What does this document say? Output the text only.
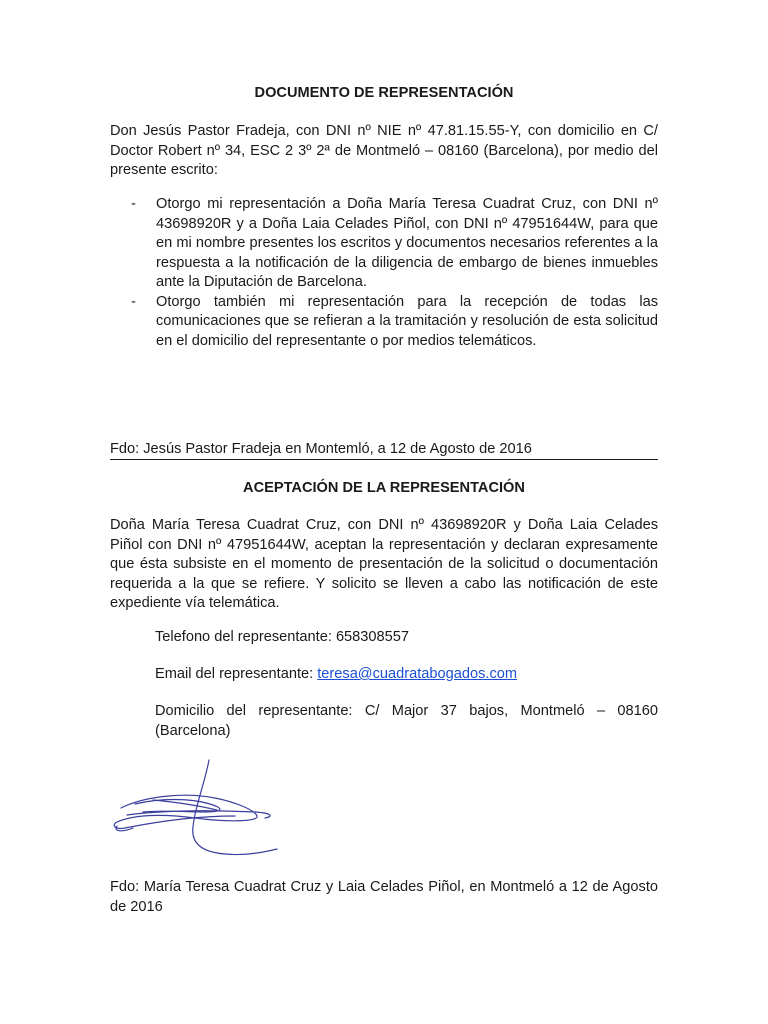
DOCUMENTO DE REPRESENTACIÓN

Don Jesús Pastor Fradeja, con DNI nº NIE nº 47.81.15.55-Y, con domicilio en C/ Doctor Robert nº 34, ESC 2 3º 2ª de Montmeló – 08160 (Barcelona), por medio del presente escrito:

- Otorgo mi representación a Doña María Teresa Cuadrat Cruz, con DNI nº 43698920R y a Doña Laia Celades Piñol, con DNI nº 47951644W, para que en mi nombre presentes los escritos y documentos necesarios referentes a la respuesta a la notificación de la diligencia de embargo de bienes inmuebles ante la Diputación de Barcelona.
- Otorgo también mi representación para la recepción de todas las comunicaciones que se refieran a la tramitación y resolución de esta solicitud en el domicilio del representante o por medios telemáticos.

Fdo: Jesús Pastor Fradeja en Montemló, a 12 de Agosto de 2016

ACEPTACIÓN DE LA REPRESENTACIÓN

Doña María Teresa Cuadrat Cruz, con DNI nº 43698920R y Doña Laia Celades Piñol con DNI nº 47951644W, aceptan la representación y declaran expresamente que ésta subsiste en el momento de presentación de la solicitud o documentación requerida a la que se refiere. Y solicito se lleven a cabo las notificación de este expediente vía telemática.

Telefono del representante: 658308557

Email del representante: teresa@cuadratabogados.com

Domicilio del representante: C/ Major 37 bajos, Montmeló – 08160 (Barcelona)

Fdo: María Teresa Cuadrat Cruz y Laia Celades Piñol, en Montmeló a 12 de Agosto de 2016
